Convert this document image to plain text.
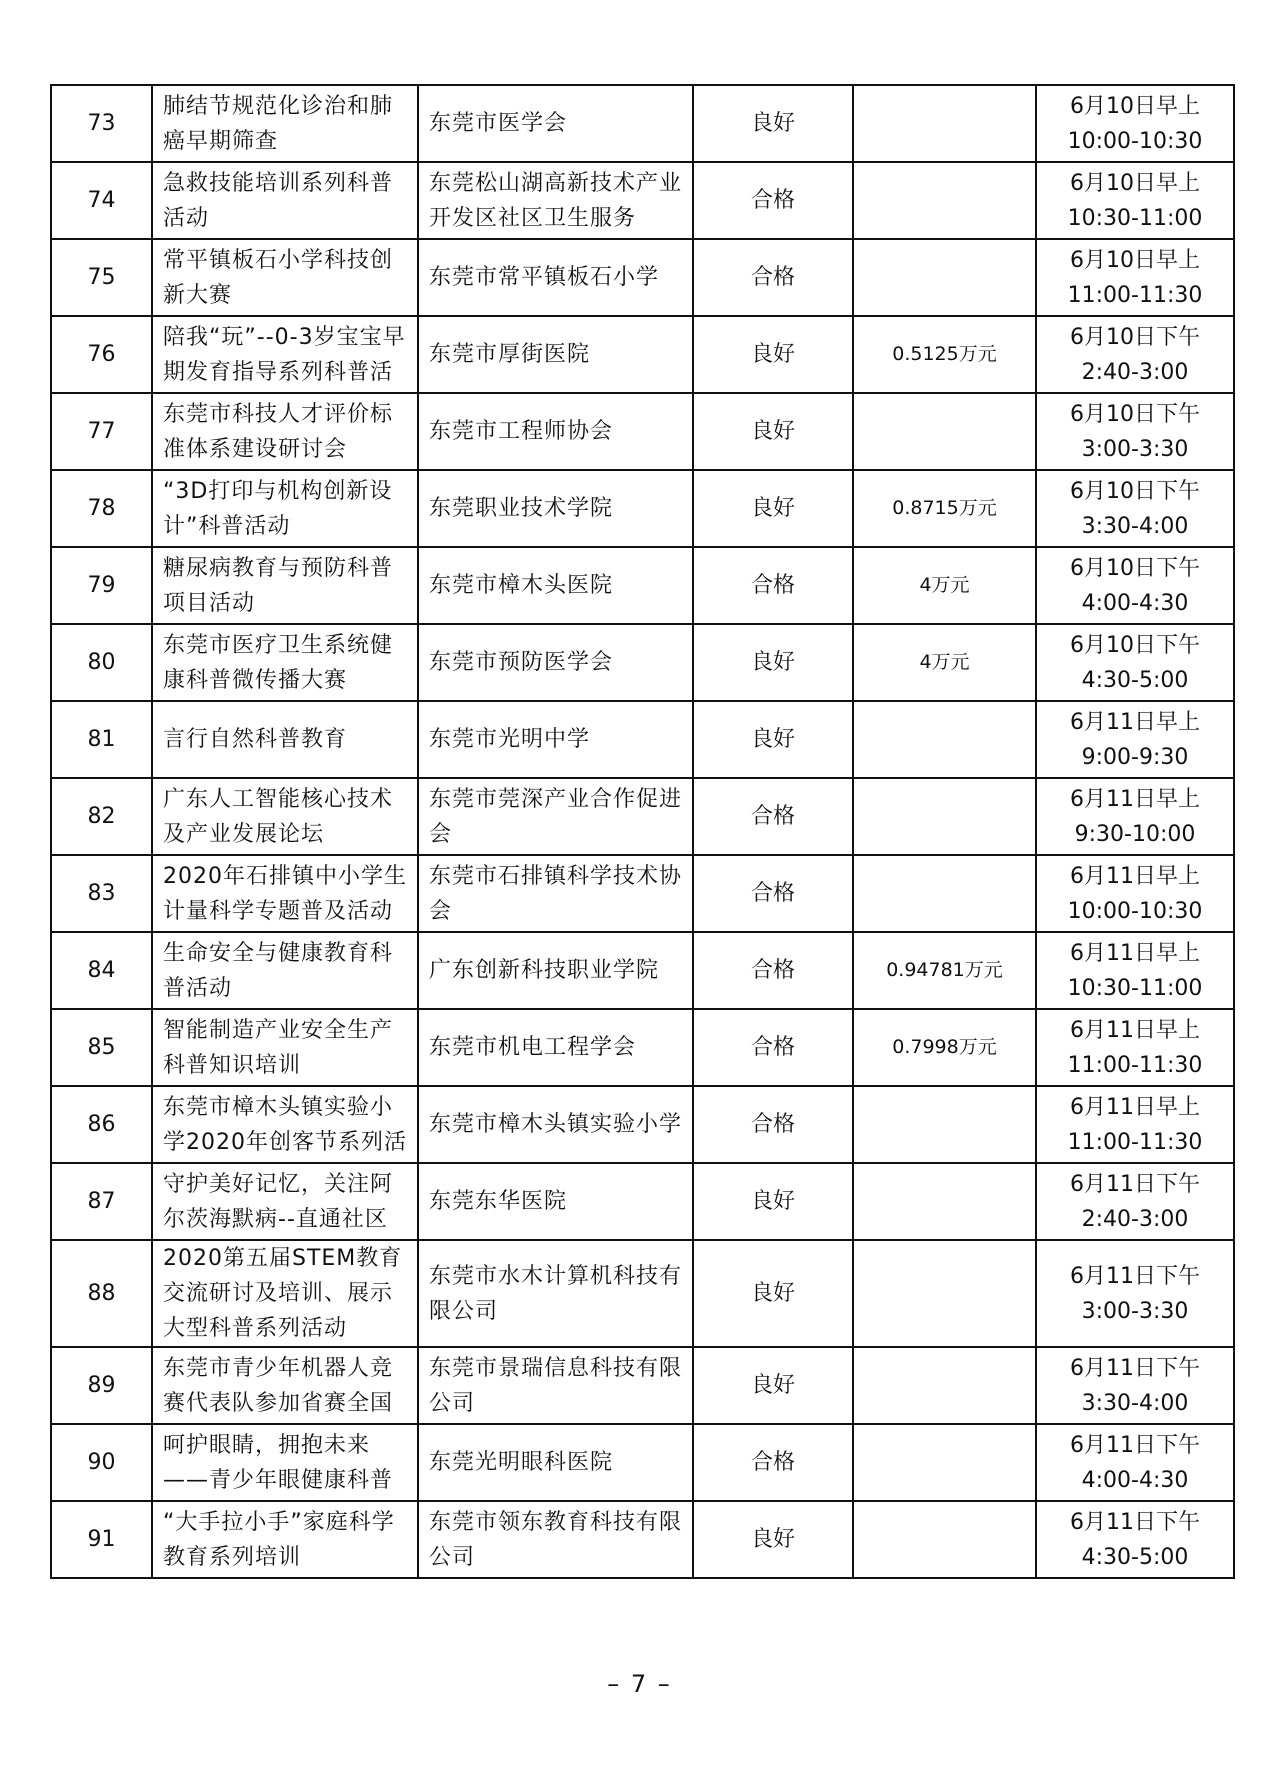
73	肺结节规范化诊治和肺癌早期筛查	东莞市医学会	良好		6月10日早上 10:00-10:30
74	急救技能培训系列科普活动	东莞松山湖高新技术产业开发区社区卫生服务	合格		6月10日早上 10:30-11:00
75	常平镇板石小学科技创新大赛	东莞市常平镇板石小学	合格		6月10日早上 11:00-11:30
76	陪我“玩”--0-3岁宝宝早期发育指导系列科普活	东莞市厚街医院	良好	0.5125万元	6月10日下午 2:40-3:00
77	东莞市科技人才评价标准体系建设研讨会	东莞市工程师协会	良好		6月10日下午 3:00-3:30
78	“3D打印与机构创新设计”科普活动	东莞职业技术学院	良好	0.8715万元	6月10日下午 3:30-4:00
79	糖尿病教育与预防科普项目活动	东莞市樟木头医院	合格	4万元	6月10日下午 4:00-4:30
80	东莞市医疗卫生系统健康科普微传播大赛	东莞市预防医学会	良好	4万元	6月10日下午 4:30-5:00
81	言行自然科普教育	东莞市光明中学	良好		6月11日早上 9:00-9:30
82	广东人工智能核心技术及产业发展论坛	东莞市莞深产业合作促进会	合格		6月11日早上 9:30-10:00
83	2020年石排镇中小学生计量科学专题普及活动	东莞市石排镇科学技术协会	合格		6月11日早上 10:00-10:30
84	生命安全与健康教育科普活动	广东创新科技职业学院	合格	0.94781万元	6月11日早上 10:30-11:00
85	智能制造产业安全生产科普知识培训	东莞市机电工程学会	合格	0.7998万元	6月11日早上 11:00-11:30
86	东莞市樟木头镇实验小学2020年创客节系列活	东莞市樟木头镇实验小学	合格		6月11日早上 11:00-11:30
87	守护美好记忆，关注阿尔茨海默病--直通社区	东莞东华医院	良好		6月11日下午 2:40-3:00
88	2020第五届STEM教育交流研讨及培训、展示大型科普系列活动	东莞市水木计算机科技有限公司	良好		6月11日下午 3:00-3:30
89	东莞市青少年机器人竞赛代表队参加省赛全国	东莞市景瑞信息科技有限公司	良好		6月11日下午 3:30-4:00
90	呵护眼睛，拥抱未来——青少年眼健康科普	东莞光明眼科医院	合格		6月11日下午 4:00-4:30
91	“大手拉小手”家庭科学教育系列培训	东莞市领东教育科技有限公司	良好		6月11日下午 4:30-5:00
– 7 –
